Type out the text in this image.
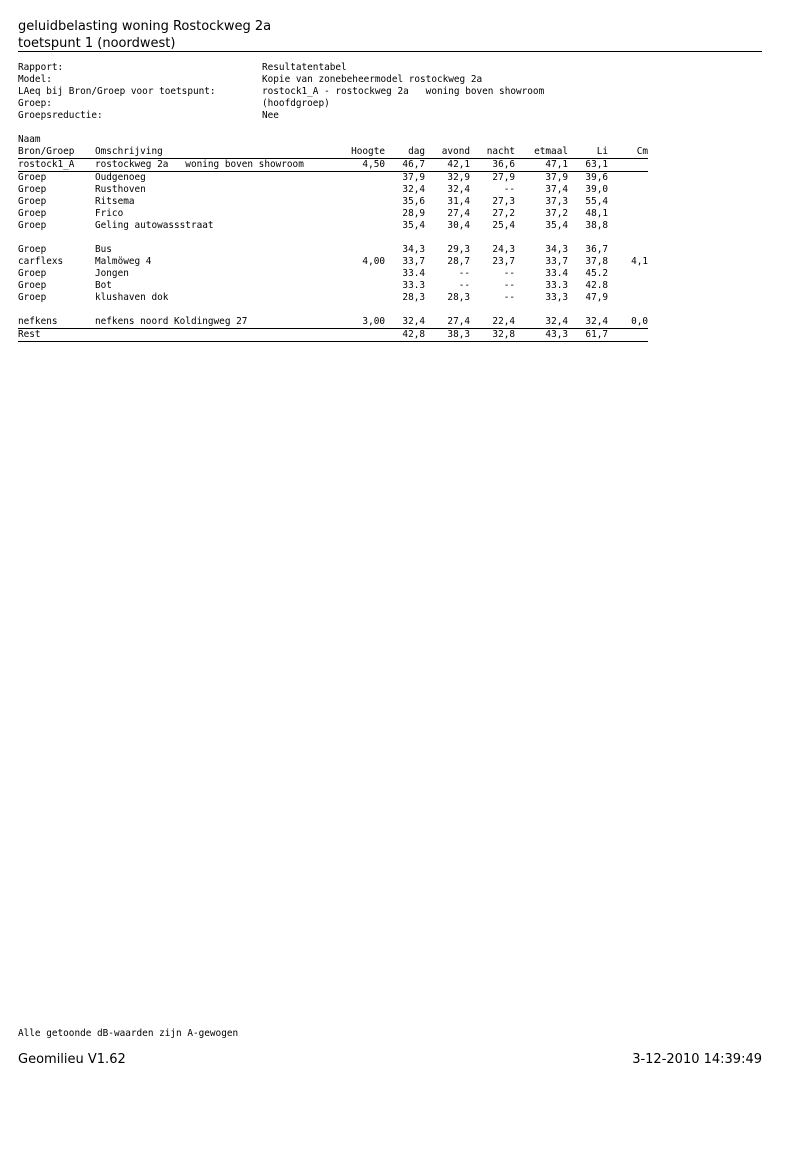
geluidbelasting woning Rostockweg 2a
toetspunt 1 (noordwest)

Rapport:

	Resultatentabel

Model:

	Kopie van zonebeheermodel rostockweg 2a

LAeq bij Bron/Groep voor toetspunt:

	rostock1_A - rostockweg 2a   woning boven showroom

Groep:

	(hoofdgroep)

Groepsreductie:

	Nee

Naam
Bron/Groep	Omschrijving	Hoogte	dag	avond	nacht	etmaal	Li	Cm
rostock1_A	rostockweg 2a   woning boven showroom	4,50	46,7	42,1	36,6	47,1	63,1	
Groep	Oudgenoeg		37,9	32,9	27,9	37,9	39,6	
Groep	Rusthoven		32,4	32,4	--	37,4	39,0	
Groep	Ritsema		35,6	31,4	27,3	37,3	55,4	
Groep	Frico		28,9	27,4	27,2	37,2	48,1	
Groep	Geling autowassstraat		35,4	30,4	25,4	35,4	38,8	

Groep	Bus		34,3	29,3	24,3	34,3	36,7	
carflexs	Malmöweg 4	4,00	33,7	28,7	23,7	33,7	37,8	4,1
Groep	Jongen		33.4	--	--	33.4	45.2	
Groep	Bot		33.3	--	--	33.3	42.8	
Groep	klushaven dok		28,3	28,3	--	33,3	47,9	

nefkens	nefkens noord Koldingweg 27	3,00	32,4	27,4	22,4	32,4	32,4	0,0
Rest			42,8	38,3	32,8	43,3	61,7	
Alle getoonde dB-waarden zijn A-gewogen
Geomilieu V1.62	3-12-2010 14:39:49
